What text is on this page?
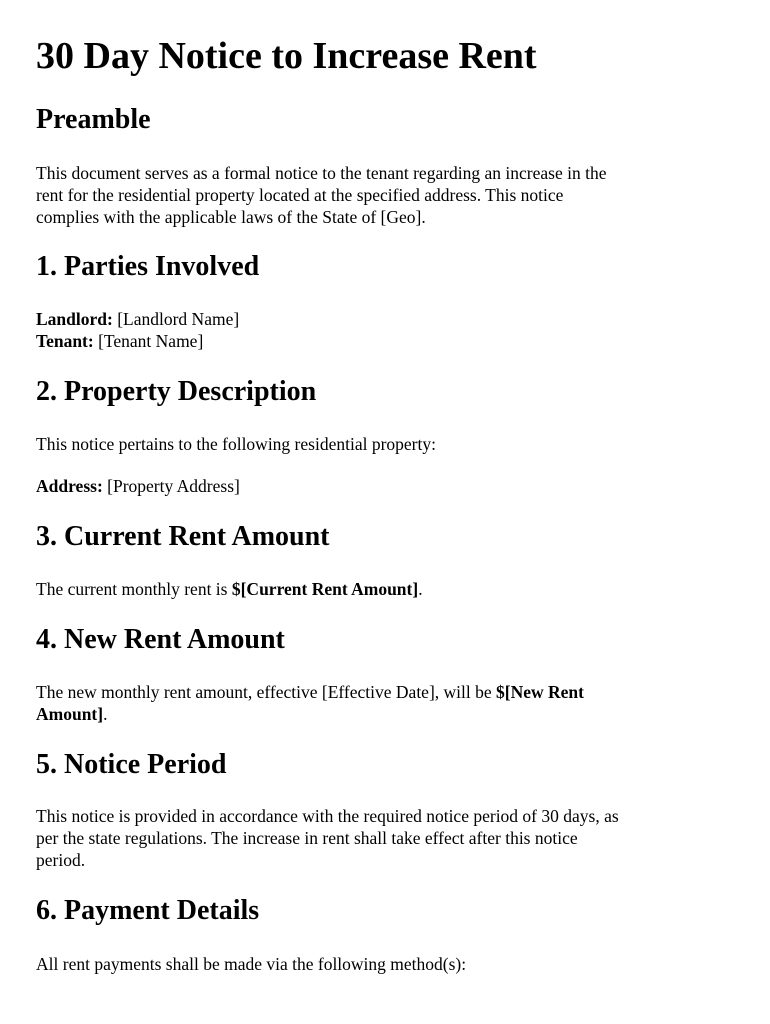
30 Day Notice to Increase Rent
Preamble
This document serves as a formal notice to the tenant regarding an increase in the
rent for the residential property located at the specified address. This notice
complies with the applicable laws of the State of [Geo].
1. Parties Involved
Landlord: [Landlord Name]
Tenant: [Tenant Name]
2. Property Description
This notice pertains to the following residential property:
Address: [Property Address]
3. Current Rent Amount
The current monthly rent is $[Current Rent Amount].
4. New Rent Amount
The new monthly rent amount, effective [Effective Date], will be $[New Rent
Amount].
5. Notice Period
This notice is provided in accordance with the required notice period of 30 days, as
per the state regulations. The increase in rent shall take effect after this notice
period.
6. Payment Details
All rent payments shall be made via the following method(s):
